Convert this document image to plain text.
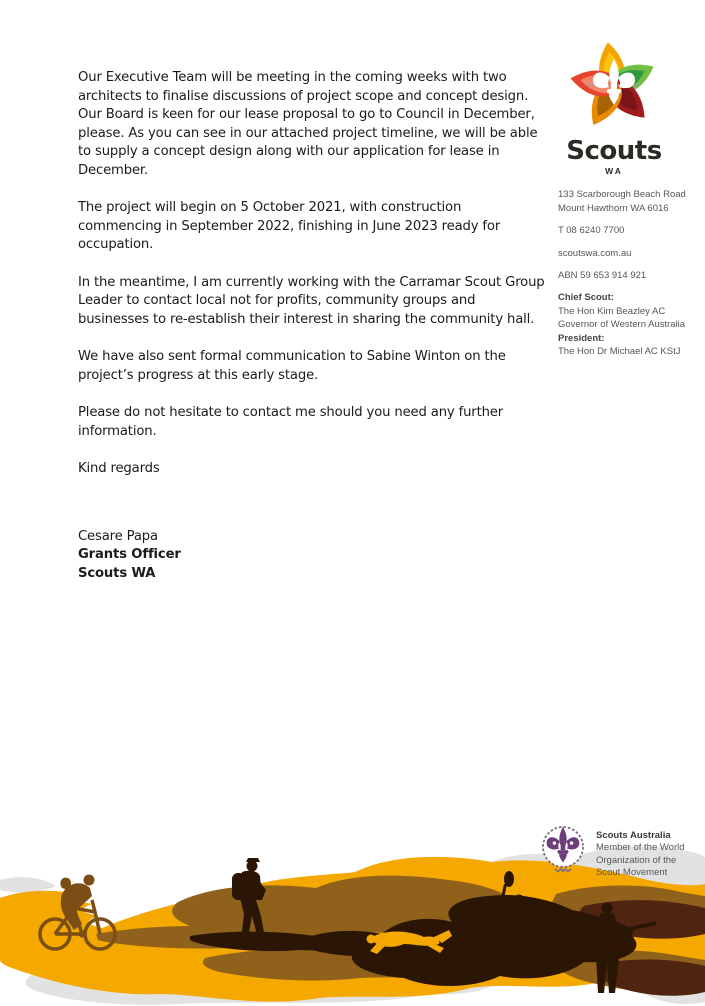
Our Executive Team will be meeting in the coming weeks with two architects to finalise discussions of project scope and concept design. Our Board is keen for our lease proposal to go to Council in December, please. As you can see in our attached project timeline, we will be able to supply a concept design along with our application for lease in December.

The project will begin on 5 October 2021, with construction commencing in September 2022, finishing in June 2023 ready for occupation.

In the meantime, I am currently working with the Carramar Scout Group Leader to contact local not for profits, community groups and businesses to re-establish their interest in sharing the community hall.

We have also sent formal communication to Sabine Winton on the project’s progress at this early stage.

Please do not hesitate to contact me should you need any further information.

Kind regards

Cesare Papa
Grants Officer
Scouts WA
Scouts
WA
133 Scarborough Beach Road
Mount Hawthorn WA 6016
T 08 6240 7700
scoutswa.com.au
ABN 59 653 914 921
Chief Scout:
The Hon Kim Beazley AC
Governor of Western Australia
President:
The Hon Dr Michael AC KStJ
Scouts Australia
Member of the World
Organization of the
Scout Movement
